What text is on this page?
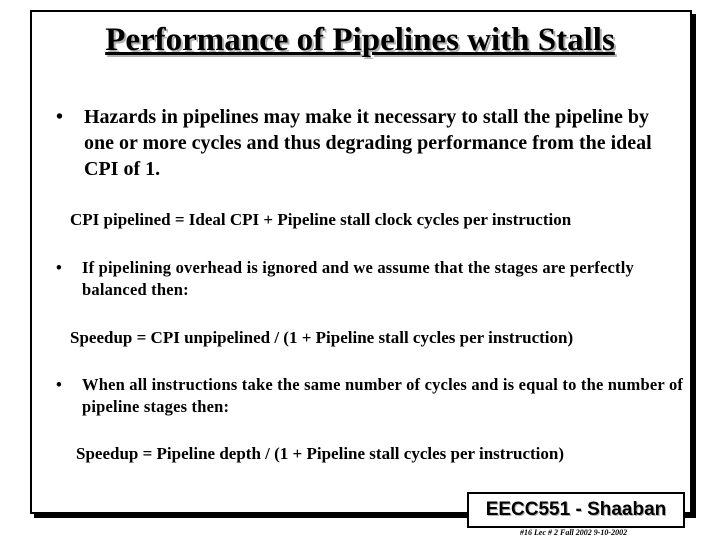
Performance of Pipelines with Stalls
• Hazards in pipelines may make it necessary to stall the pipeline by one or more cycles and thus degrading performance from the ideal CPI of 1.
CPI pipelined = Ideal CPI + Pipeline stall clock cycles per instruction
• If pipelining overhead is ignored and we assume that the stages are perfectly balanced then:
Speedup = CPI unpipelined / (1 + Pipeline stall cycles per instruction)
• When all instructions take the same number of cycles and is equal to the number of pipeline stages then:
Speedup = Pipeline depth / (1 + Pipeline stall cycles per instruction)
EECC551 - Shaaban
#16 Lec # 2 Fall 2002 9-10-2002
